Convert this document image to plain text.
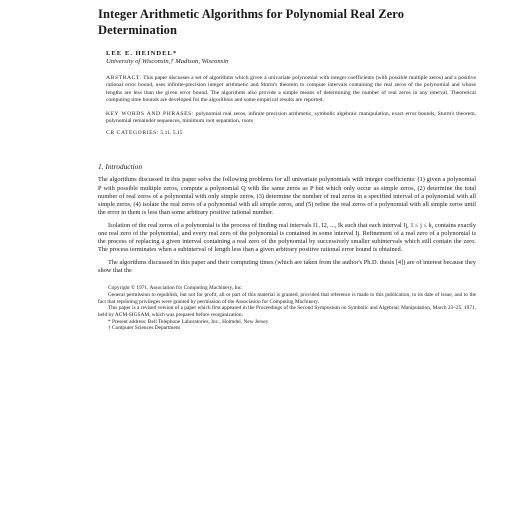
Integer Arithmetic Algorithms for Polynomial Real Zero Determination
LEE E. HEINDEL*
University of Wisconsin,† Madison, Wisconsin
ABSTRACT. This paper discusses a set of algorithms which given a univariate polynomial with integer coefficients (with possible multiple zeros) and a positive rational error bound, uses infinite-precision integer arithmetic and Sturm's theorem to compute intervals containing the real zeros of the polynomial and whose lengths are less than the given error bound. The algorithms also provide a simple means of determining the number of real zeros in any interval. Theoretical computing time bounds are developed for the algorithms and some empirical results are reported.
KEY WORDS AND PHRASES: polynomial real zeros, infinite precision arithmetic, symbolic algebraic manipulation, exact error bounds, Sturm's theorem, polynomial remainder sequences, minimum root separation, roots
CR CATEGORIES: 5.11, 5.15
1. Introduction

The algorithms discussed in this paper solve the following problems for all univariate polynomials with integer coefficients: (1) given a polynomial P with possible multiple zeros, compute a polynomial Q with the same zeros as P but which only occur as simple zeros, (2) determine the total number of real zeros of a polynomial with only simple zeros, (3) determine the number of real zeros in a specified interval of a polynomial with all simple zeros, (4) isolate the real zeros of a polynomial with all simple zeros, and (5) refine the real zeros of a polynomial with all simple zeros until the error in them is less than some arbitrary positive rational number.

Isolation of the real zeros of a polynomial is the process of finding real intervals I1, I2, ..., Ik such that each interval Ij, 1 ≤ j ≤ k, contains exactly one real zero of the polynomial, and every real zero of the polynomial is contained in some interval Ij. Refinement of a real zero of a polynomial is the process of replacing a given interval containing a real zero of the polynomial by successively smaller subintervals which still contain the zero. The process terminates when a subinterval of length less than a given arbitrary positive rational error bound is obtained.

The algorithms discussed in this paper and their computing times (which are taken from the author's Ph.D. thesis [4]) are of interest because they show that the

Copyright © 1971, Association for Computing Machinery, Inc.
General permission to republish, but not for profit, all or part of this material is granted, provided that reference is made to this publication, to its date of issue, and to the fact that reprinting privileges were granted by permission of the Association for Computing Machinery.
This paper is a revised version of a paper which first appeared in the Proceedings of the Second Symposium on Symbolic and Algebraic Manipulation, March 23–25, 1971, held by ACM-SIGSAM, which was prepared before reorganization.
* Present address: Bell Telephone Laboratories, Inc., Holmdel, New Jersey
† Computer Sciences Department
